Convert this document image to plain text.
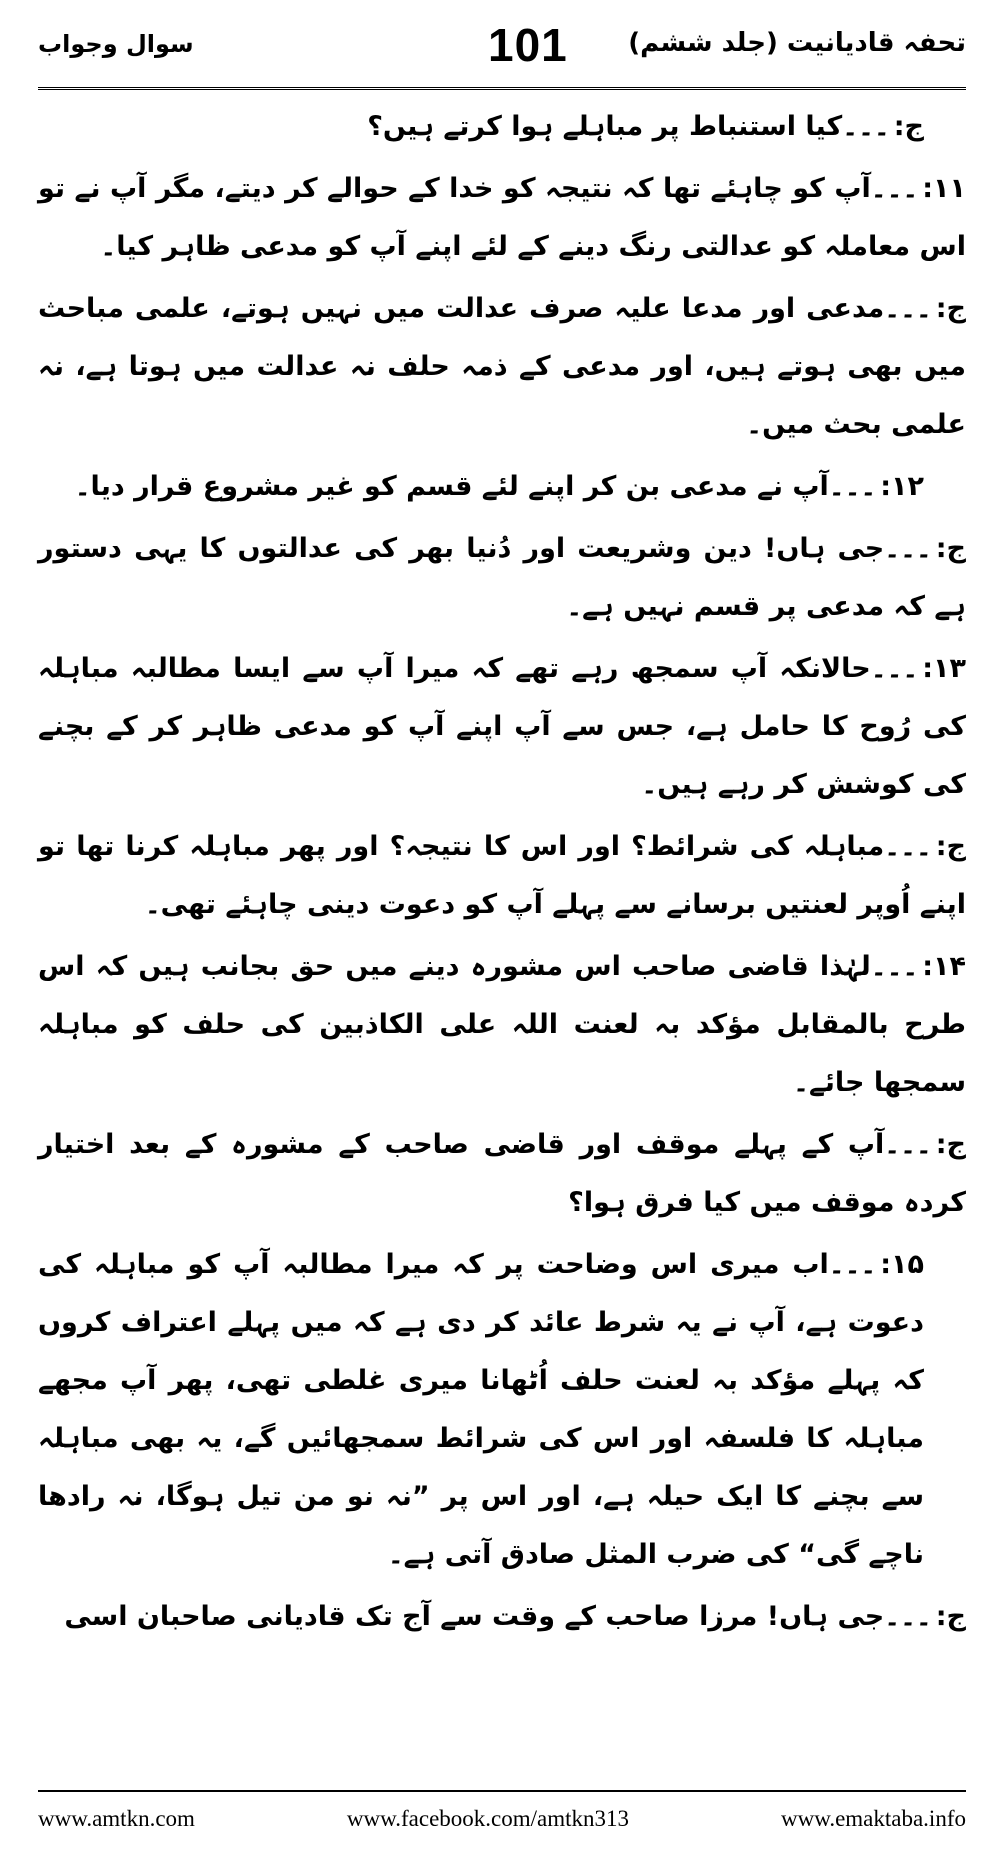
تحفہ قادیانیت (جلد ششم)
101
سوال وجواب

ج:۔۔۔کیا استنباط پر مباہلے ہوا کرتے ہیں؟

۱۱:۔۔۔آپ کو چاہئے تھا کہ نتیجہ کو خدا کے حوالے کر دیتے، مگر آپ نے تو اس معاملہ کو عدالتی رنگ دینے کے لئے اپنے آپ کو مدعی ظاہر کیا۔

ج:۔۔۔مدعی اور مدعا علیہ صرف عدالت میں نہیں ہوتے، علمی مباحث میں بھی ہوتے ہیں، اور مدعی کے ذمہ حلف نہ عدالت میں ہوتا ہے، نہ علمی بحث میں۔

۱۲:۔۔۔آپ نے مدعی بن کر اپنے لئے قسم کو غیر مشروع قرار دیا۔

ج:۔۔۔جی ہاں! دین وشریعت اور دُنیا بھر کی عدالتوں کا یہی دستور ہے کہ مدعی پر قسم نہیں ہے۔

۱۳:۔۔۔حالانکہ آپ سمجھ رہے تھے کہ میرا آپ سے ایسا مطالبہ مباہلہ کی رُوح کا حامل ہے، جس سے آپ اپنے آپ کو مدعی ظاہر کر کے بچنے کی کوشش کر رہے ہیں۔

ج:۔۔۔مباہلہ کی شرائط؟ اور اس کا نتیجہ؟ اور پھر مباہلہ کرنا تھا تو اپنے اُوپر لعنتیں برسانے سے پہلے آپ کو دعوت دینی چاہئے تھی۔

۱۴:۔۔۔لہٰذا قاضی صاحب اس مشورہ دینے میں حق بجانب ہیں کہ اس طرح بالمقابل مؤکد بہ لعنت اللہ علی الکاذبین کی حلف کو مباہلہ سمجھا جائے۔

ج:۔۔۔آپ کے پہلے موقف اور قاضی صاحب کے مشورہ کے بعد اختیار کردہ موقف میں کیا فرق ہوا؟

۱۵:۔۔۔اب میری اس وضاحت پر کہ میرا مطالبہ آپ کو مباہلہ کی دعوت ہے، آپ نے یہ شرط عائد کر دی ہے کہ میں پہلے اعتراف کروں کہ پہلے مؤکد بہ لعنت حلف اُٹھانا میری غلطی تھی، پھر آپ مجھے مباہلہ کا فلسفہ اور اس کی شرائط سمجھائیں گے، یہ بھی مباہلہ سے بچنے کا ایک حیلہ ہے، اور اس پر ”نہ نو من تیل ہوگا، نہ رادھا ناچے گی“ کی ضرب المثل صادق آتی ہے۔

ج:۔۔۔جی ہاں! مرزا صاحب کے وقت سے آج تک قادیانی صاحبان اسی

www.amtkn.com	www.facebook.com/amtkn313	www.emaktaba.info
